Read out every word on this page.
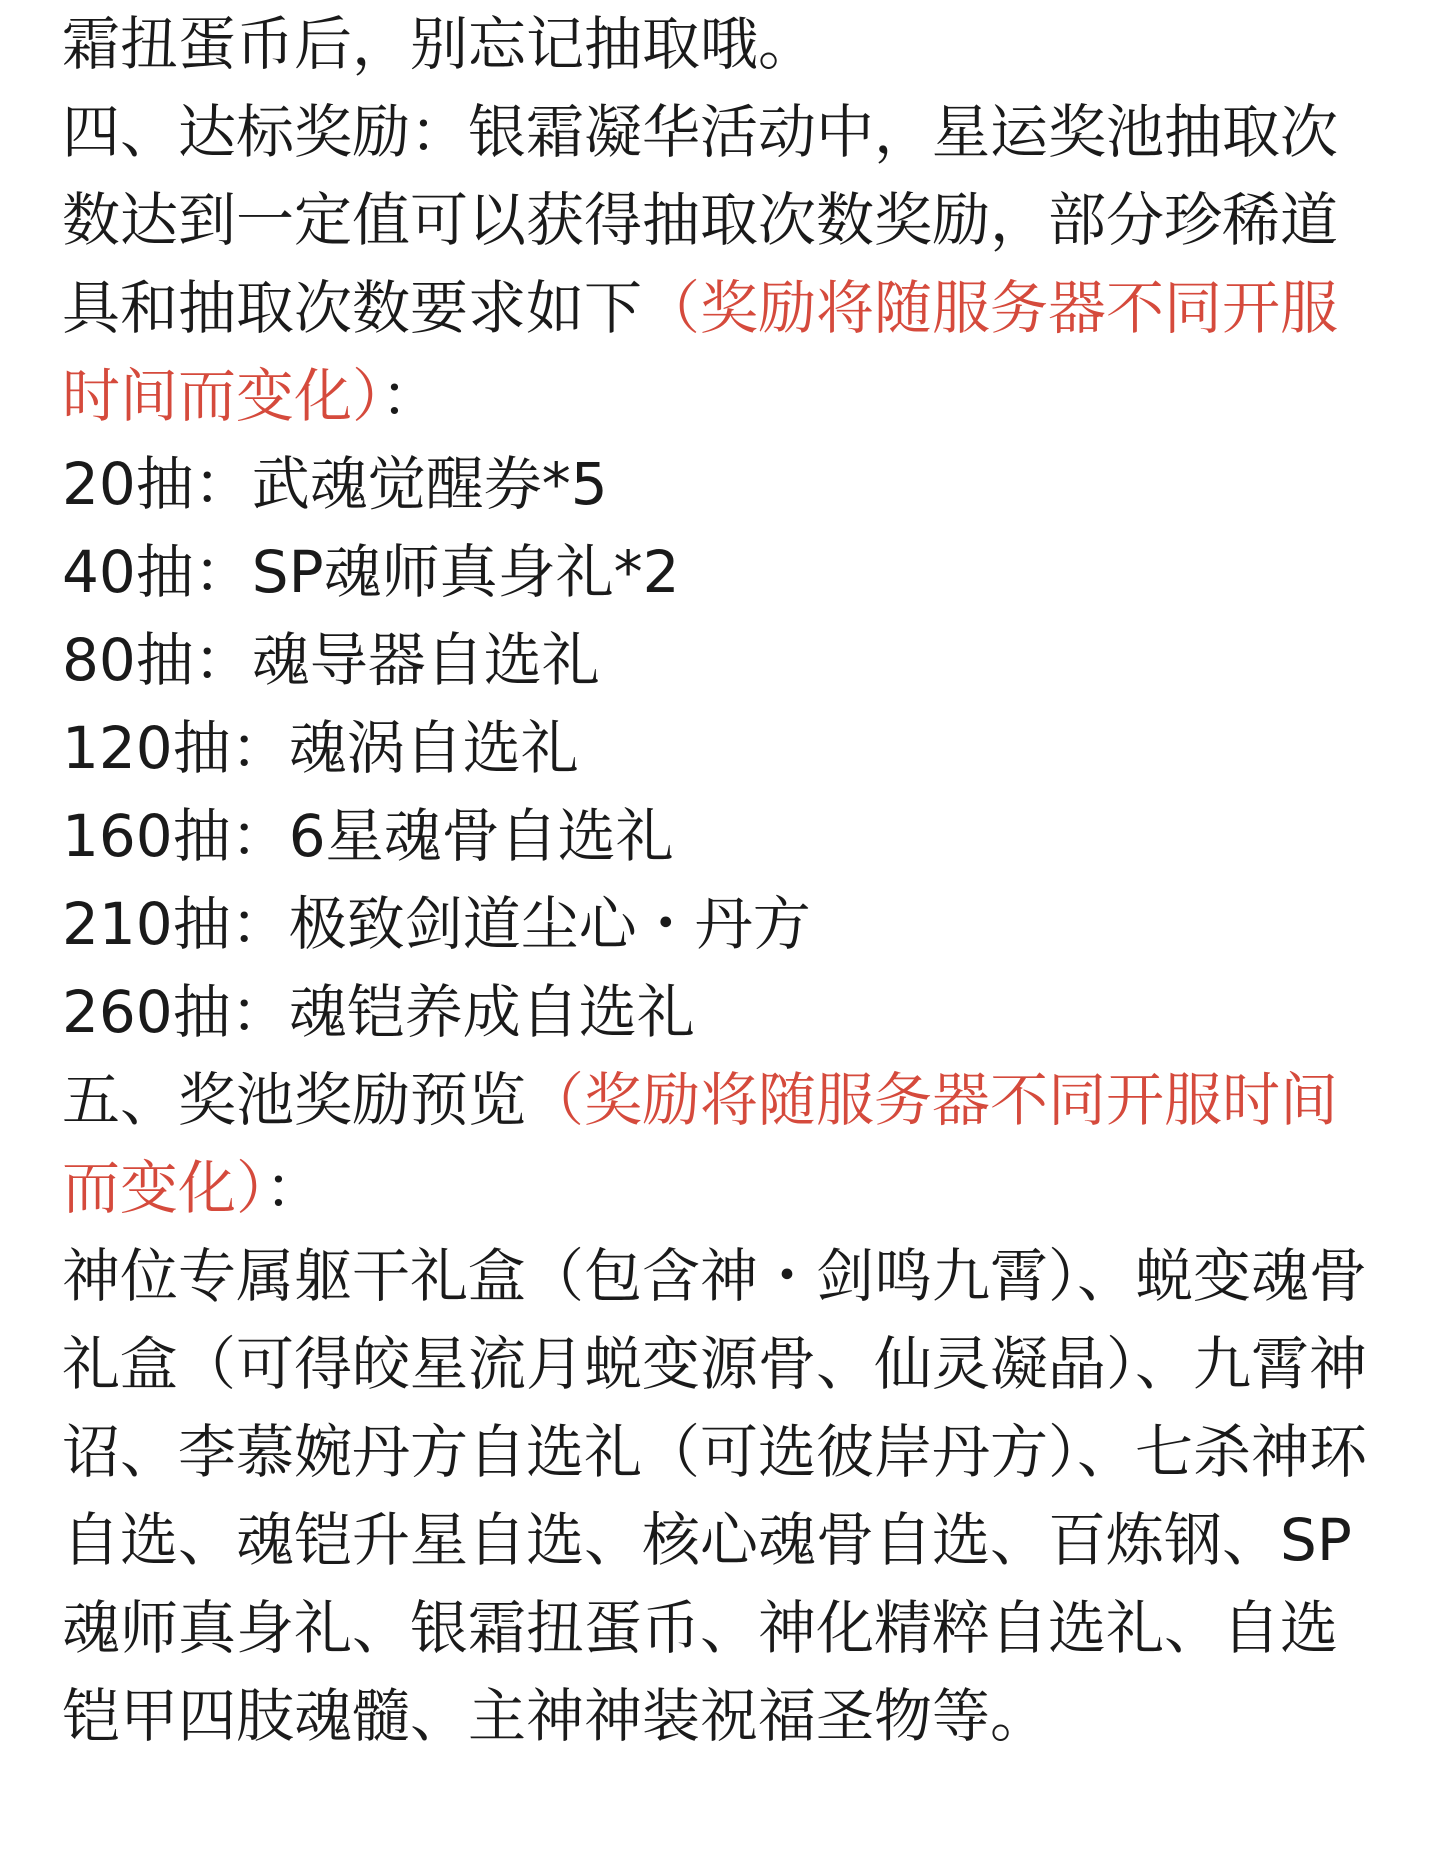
霜扭蛋币后，别忘记抽取哦。

四、达标奖励：银霜凝华活动中，星运奖池抽取次数达到一定值可以获得抽取次数奖励，部分珍稀道具和抽取次数要求如下（奖励将随服务器不同开服时间而变化）：

20抽：武魂觉醒券*5

40抽：SP魂师真身礼*2

80抽：魂导器自选礼

120抽：魂涡自选礼

160抽：6星魂骨自选礼

210抽：极致剑道尘心・丹方

260抽：魂铠养成自选礼

五、奖池奖励预览（奖励将随服务器不同开服时间而变化）：

神位专属躯干礼盒（包含神・剑鸣九霄）、蜕变魂骨礼盒（可得皎星流月蜕变源骨、仙灵凝晶）、九霄神诏、李慕婉丹方自选礼（可选彼岸丹方）、七杀神环自选、魂铠升星自选、核心魂骨自选、百炼钢、SP魂师真身礼、银霜扭蛋币、神化精粹自选礼、自选铠甲四肢魂髓、主神神装祝福圣物等。
